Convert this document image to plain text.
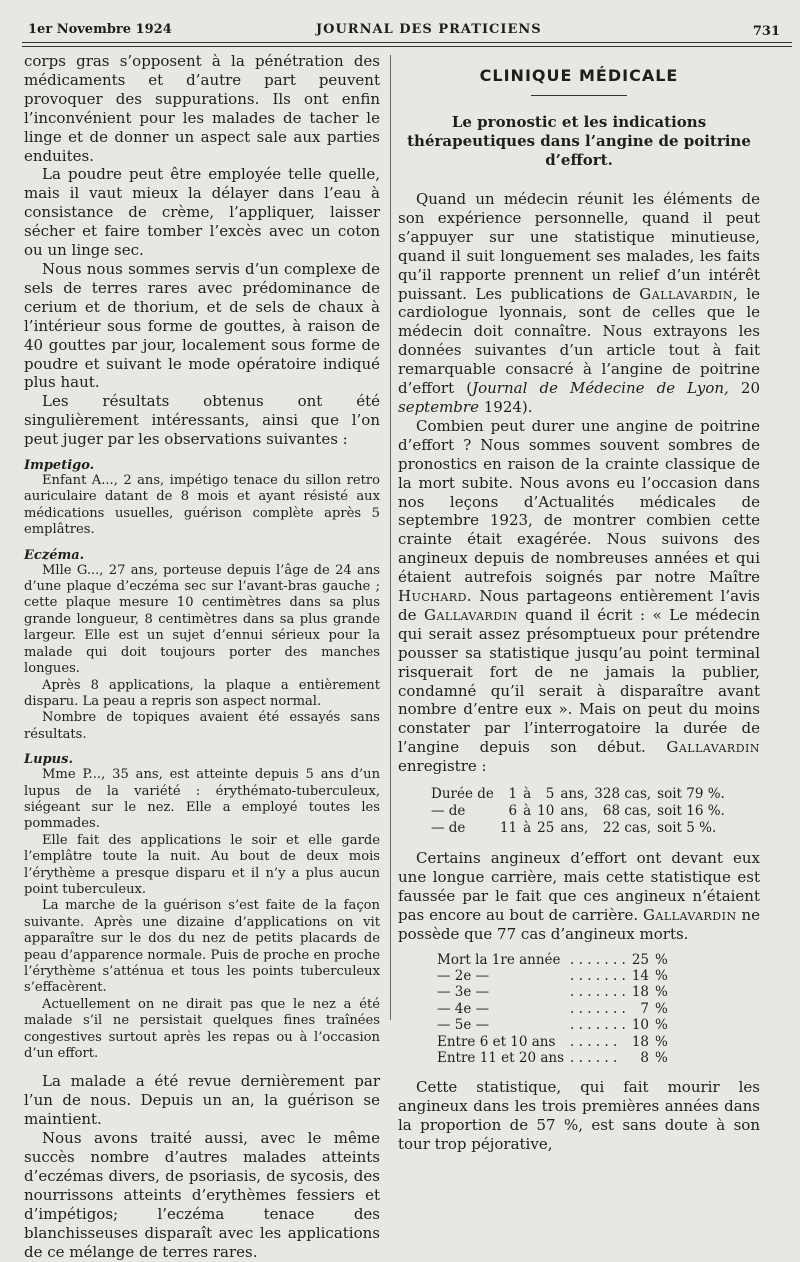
1er Novembre 1924	JOURNAL DES PRATICIENS	731

corps gras s’opposent à la pénétration des médicaments et d’autre part peuvent provoquer des suppurations. Ils ont enfin l’inconvénient pour les malades de tacher le linge et de donner un aspect sale aux parties enduites.

La poudre peut être employée telle quelle, mais il vaut mieux la délayer dans l’eau à consistance de crème, l’appliquer, laisser sécher et faire tomber l’excès avec un coton ou un linge sec.

Nous nous sommes servis d’un complexe de sels de terres rares avec prédominance de cerium et de thorium, et de sels de chaux à l’intérieur sous forme de gouttes, à raison de 40 gouttes par jour, localement sous forme de poudre et suivant le mode opératoire indiqué plus haut.

Les résultats obtenus ont été singulièrement intéressants, ainsi que l’on peut juger par les observations suivantes :

Impetigo.

Enfant A..., 2 ans, impétigo tenace du sillon retro auriculaire datant de 8 mois et ayant résisté aux médications usuelles, guérison complète après 5 emplâtres.

Eczéma.

Mlle G..., 27 ans, porteuse depuis l’âge de 24 ans d’une plaque d’eczéma sec sur l’avant-bras gauche ; cette plaque mesure 10 centimètres dans sa plus grande longueur, 8 centimètres dans sa plus grande largeur. Elle est un sujet d’ennui sérieux pour la malade qui doit toujours porter des manches longues.

Après 8 applications, la plaque a entièrement disparu. La peau a repris son aspect normal.

Nombre de topiques avaient été essayés sans résultats.

Lupus.

Mme P..., 35 ans, est atteinte depuis 5 ans d’un lupus de la variété : érythémato-tuberculeux, siégeant sur le nez. Elle a employé toutes les pommades.

Elle fait des applications le soir et elle garde l’emplâtre toute la nuit. Au bout de deux mois l’érythème a presque disparu et il n’y a plus aucun point tuberculeux.

La marche de la guérison s’est faite de la façon suivante. Après une dizaine d’applications on vit apparaître sur le dos du nez de petits placards de peau d’apparence normale. Puis de proche en proche l’érythème s’atténua et tous les points tuberculeux s’effacèrent.

Actuellement on ne dirait pas que le nez a été malade s’il ne persistait quelques fines traînées congestives surtout après les repas ou à l’occasion d’un effort.

La malade a été revue dernièrement par l’un de nous. Depuis un an, la guérison se maintient.

Nous avons traité aussi, avec le même succès nombre d’autres malades atteints d’eczémas divers, de psoriasis, de sycosis, des nourrissons atteints d’erythèmes fessiers et d’impétigos; l’eczéma tenace des blanchisseuses disparaît avec les applications de ce mélange de terres rares.

CLINIQUE MÉDICALE
Le pronostic et les indications thérapeutiques dans l’angine de poitrine d’effort.

Quand un médecin réunit les éléments de son expérience personnelle, quand il peut s’appuyer sur une statistique minutieuse, quand il suit longuement ses malades, les faits qu’il rapporte prennent un relief d’un intérêt puissant. Les publications de Gallavardin, le cardiologue lyonnais, sont de celles que le médecin doit connaître. Nous extrayons les données suivantes d’un article tout à fait remarquable consacré à l’angine de poitrine d’effort (Journal de Médecine de Lyon, 20 septembre 1924).

Combien peut durer une angine de poitrine d’effort ? Nous sommes souvent sombres de pronostics en raison de la crainte classique de la mort subite. Nous avons eu l’occasion dans nos leçons d’Actualités médicales de septembre 1923, de montrer combien cette crainte était exagérée. Nous suivons des angineux depuis de nombreuses années et qui étaient autrefois soignés par notre Maître Huchard. Nous partageons entièrement l’avis de Gallavardin quand il écrit : « Le médecin qui serait assez présomptueux pour prétendre pousser sa statistique jusqu’au point terminal risquerait fort de ne jamais la publier, condamné qu’il serait à disparaître avant nombre d’entre eux ». Mais on peut du moins constater par l’interrogatoire la durée de l’angine depuis son début. Gallavardin enregistre :

Durée de	1	à	5	ans,	328 cas,	soit 79 %.
— de	6	à	10	ans,	68 cas,	soit 16 %.
— de	11	à	25	ans,	22 cas,	soit 5 %.

Certains angineux d’effort ont devant eux une longue carrière, mais cette statistique est faussée par le fait que ces angineux n’étaient pas encore au bout de carrière. Gallavardin ne possède que 77 cas d’angineux morts.

Mort la 1re année	. . . . . . .	25	%
— 2e —	. . . . . . .	14	%
— 3e —	. . . . . . .	18	%
— 4e —	. . . . . . .	7	%
— 5e —	. . . . . . .	10	%
Entre 6 et 10 ans	. . . . . .	18	%
Entre 11 et 20 ans	. . . . . .	8	%

Cette statistique, qui fait mourir les angineux dans les trois premières années dans la proportion de 57 %, est sans doute à son tour trop péjorative,
